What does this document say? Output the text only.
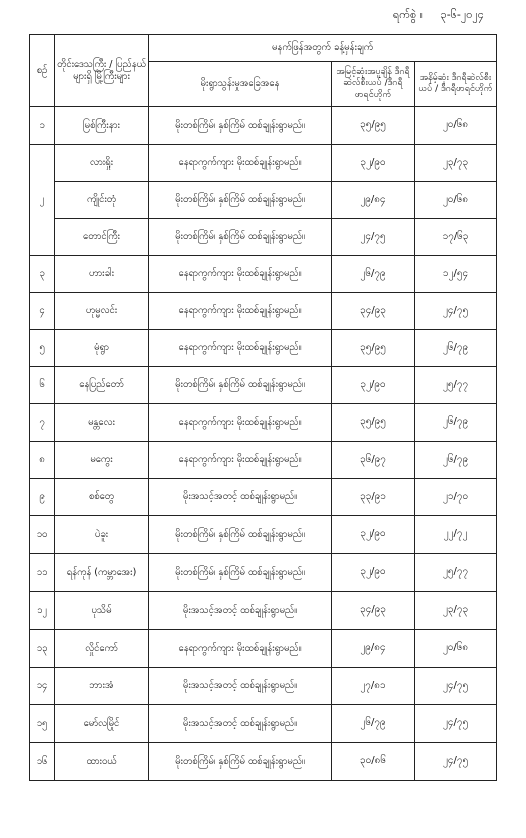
ရက်စွဲ ။ ၃-၆-၂၀၂၄
စဉ်	တိုင်းဒေသကြီး / ပြည်နယ်များရှိ မြို့ကြီးများ	မနက်ဖြန်အတွက် ခန့်မှန်းချက်		
		မိုးရွာသွန်းမှုအခြေအနေ	အမြင့်ဆုံးအပူချိန် ဒီဂရီဆဲလ်စီးယပ် /ဒီဂရီဖာရင်ဟိုက်	အနိမ့်ဆုံး ဒီဂရီဆဲလ်စီးယပ် / ဒီဂရီဖာရင်ဟိုက်
၁	မြစ်ကြီးနား	မိုးတစ်ကြိမ်၊ နှစ်ကြိမ် ထစ်ချုန်းရွာမည်။	၃၅/၉၅	၂၀/၆၈
၂	လားရှိုး	နေရာကွက်ကျား မိုးထစ်ချုန်းရွာမည်။	၃၂/၉၀	၂၃/၇၃
	ကျိုင်းတုံ	မိုးတစ်ကြိမ်၊ နှစ်ကြိမ် ထစ်ချုန်းရွာမည်။	၂၉/၈၄	၂၀/၆၈
	တောင်ကြီး	မိုးတစ်ကြိမ်၊ နှစ်ကြိမ် ထစ်ချုန်းရွာမည်။	၂၄/၇၅	၁၇/၆၃
၃	ဟားခါး	နေရာကွက်ကျား မိုးထစ်ချုန်းရွာမည်။	၂၆/၇၉	၁၂/၅၄
၄	ဟုမ္မလင်း	နေရာကွက်ကျား မိုးထစ်ချုန်းရွာမည်။	၃၄/၉၃	၂၄/၇၅
၅	မုံရွာ	နေရာကွက်ကျား မိုးထစ်ချုန်းရွာမည်။	၃၅/၉၅	၂၆/၇၉
၆	နေပြည်တော်	မိုးတစ်ကြိမ်၊ နှစ်ကြိမ် ထစ်ချုန်းရွာမည်။	၃၂/၉၀	၂၅/၇၇
၇	မန္တလေး	နေရာကွက်ကျား မိုးထစ်ချုန်းရွာမည်။	၃၅/၉၅	၂၆/၇၉
၈	မကွေး	နေရာကွက်ကျား မိုးထစ်ချုန်းရွာမည်။	၃၆/၉၇	၂၆/၇၉
၉	စစ်တွေ	မိုးအသင့်အတင့် ထစ်ချုန်းရွာမည်။	၃၃/၉၁	၂၁/၇၀
၁၀	ပဲခူး	မိုးတစ်ကြိမ်၊ နှစ်ကြိမ် ထစ်ချုန်းရွာမည်။	၃၂/၉၀	၂၂/၇၂
၁၁	ရန်ကုန် (ကမ္ဘာအေး)	မိုးတစ်ကြိမ်၊ နှစ်ကြိမ် ထစ်ချုန်းရွာမည်။	၃၂/၉၀	၂၅/၇၇
၁၂	ပုသိမ်	မိုးအသင့်အတင့် ထစ်ချုန်းရွာမည်။	၃၄/၉၃	၂၃/၇၃
၁၃	လှိုင်ကော်	နေရာကွက်ကျား မိုးထစ်ချုန်းရွာမည်။	၂၉/၈၄	၂၀/၆၈
၁၄	ဘားအံ	မိုးအသင့်အတင့် ထစ်ချုန်းရွာမည်။	၂၇/၈၁	၂၄/၇၅
၁၅	မော်လမြိုင်	မိုးအသင့်အတင့် ထစ်ချုန်းရွာမည်။	၂၆/၇၉	၂၄/၇၅
၁၆	ထားဝယ်	မိုးတစ်ကြိမ်၊ နှစ်ကြိမ် ထစ်ချုန်းရွာမည်။	၃၀/၈၆	၂၄/၇၅
